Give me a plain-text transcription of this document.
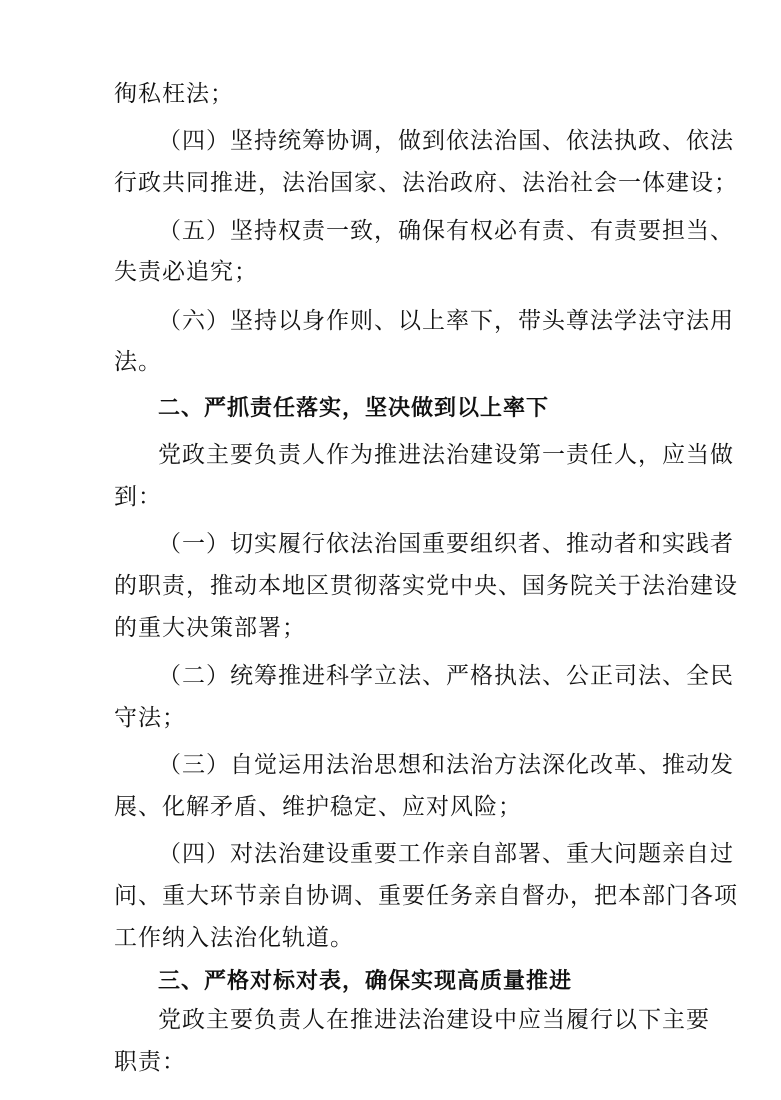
徇私枉法；
（四）坚持统筹协调，做到依法治国、依法执政、依法
行政共同推进，法治国家、法治政府、法治社会一体建设；
（五）坚持权责一致，确保有权必有责、有责要担当、
失责必追究；
（六）坚持以身作则、以上率下，带头尊法学法守法用
法。
二、严抓责任落实，坚决做到以上率下
党政主要负责人作为推进法治建设第一责任人，应当做
到：
（一）切实履行依法治国重要组织者、推动者和实践者
的职责，推动本地区贯彻落实党中央、国务院关于法治建设
的重大决策部署；
（二）统筹推进科学立法、严格执法、公正司法、全民
守法；
（三）自觉运用法治思想和法治方法深化改革、推动发
展、化解矛盾、维护稳定、应对风险；
（四）对法治建设重要工作亲自部署、重大问题亲自过
问、重大环节亲自协调、重要任务亲自督办，把本部门各项
工作纳入法治化轨道。
三、严格对标对表，确保实现高质量推进
党政主要负责人在推进法治建设中应当履行以下主要
职责：
